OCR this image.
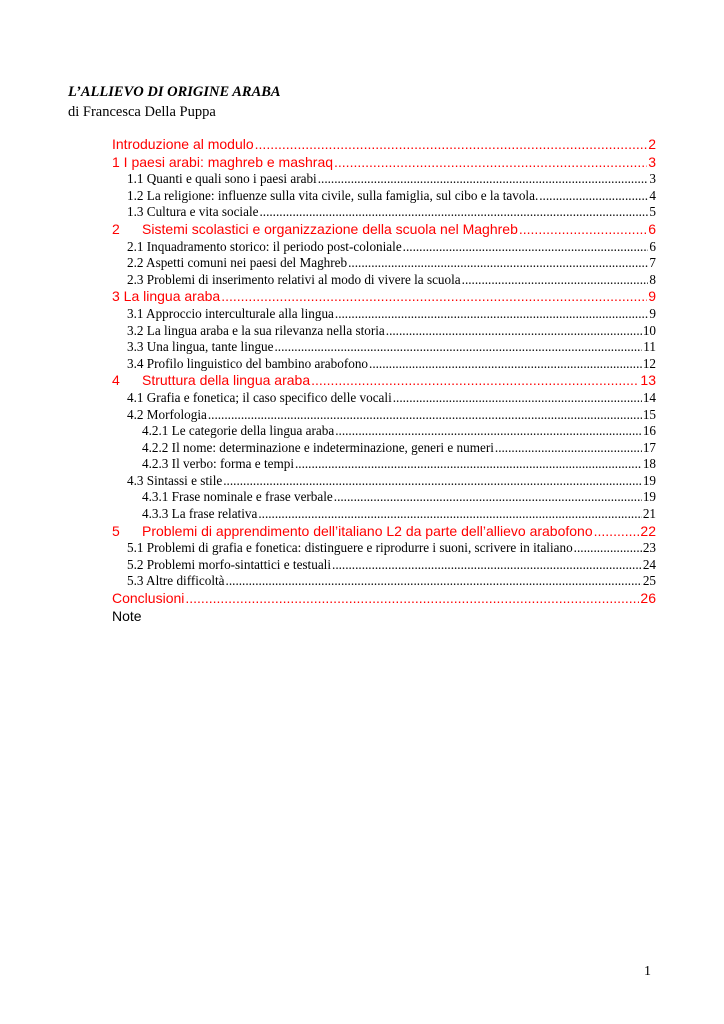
L’ALLIEVO DI ORIGINE ARABA
di Francesca Della Puppa
Introduzione al modulo .....	2
1 I paesi arabi: maghreb e mashraq .....	3
1.1 Quanti e quali sono i paesi arabi .....	3
1.2 La religione: influenze sulla vita civile, sulla famiglia, sul cibo e la tavola. .....	4
1.3 Cultura e vita sociale .....	5
2	Sistemi scolastici e organizzazione della scuola nel Maghreb .....	6
2.1 Inquadramento storico: il periodo post-coloniale .....	6
2.2 Aspetti comuni nei paesi del Maghreb .....	7
2.3 Problemi di inserimento relativi al modo di vivere la scuola .....	8
3 La lingua araba .....	9
3.1 Approccio interculturale alla lingua .....	9
3.2 La lingua araba e la sua rilevanza nella storia .....	10
3.3 Una lingua, tante lingue .....	11
3.4 Profilo linguistico del bambino arabofono .....	12
4	Struttura della lingua araba .....	13
4.1 Grafia e fonetica; il caso specifico delle vocali .....	14
4.2 Morfologia .....	15
4.2.1 Le categorie della lingua araba .....	16
4.2.2 Il nome: determinazione e indeterminazione, generi e numeri .....	17
4.2.3 Il verbo: forma e tempi .....	18
4.3 Sintassi e stile .....	19
4.3.1 Frase nominale e frase verbale .....	19
4.3.3 La frase relativa .....	21
5	Problemi di apprendimento dell’italiano L2 da parte dell’allievo arabofono .....	22
5.1 Problemi di grafia e fonetica: distinguere e riprodurre i suoni, scrivere in italiano .....	23
5.2 Problemi morfo-sintattici e testuali .....	24
5.3 Altre difficoltà .....	25
Conclusioni .....	26
Note
1
